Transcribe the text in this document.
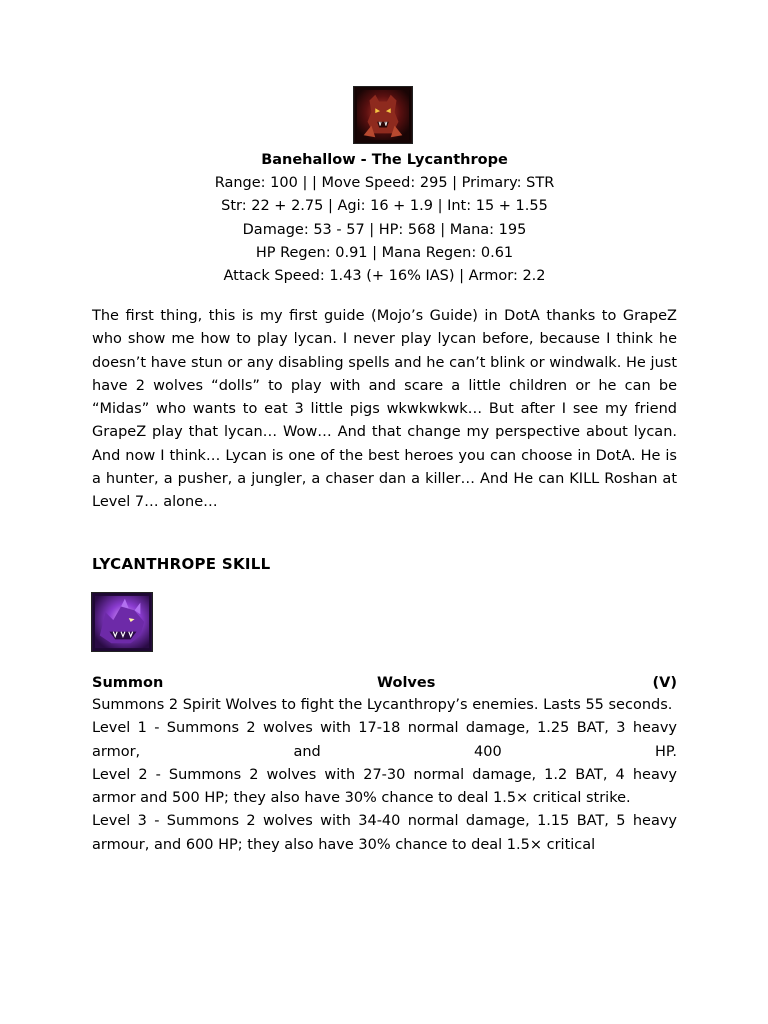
Banehallow - The Lycanthrope
Range: 100 | | Move Speed: 295 | Primary: STR
Str: 22 + 2.75 | Agi: 16 + 1.9 | Int: 15 + 1.55
Damage: 53 - 57 | HP: 568 | Mana: 195
HP Regen: 0.91 | Mana Regen: 0.61
Attack Speed: 1.43 (+ 16% IAS) | Armor: 2.2

The first thing, this is my first guide (Mojo’s Guide) in DotA thanks to GrapeZ who show me how to play lycan. I never play lycan before, because I think he doesn’t have stun or any disabling spells and he can’t blink or windwalk. He just have 2 wolves “dolls” to play with and scare a little children or he can be “Midas” who wants to eat 3 little pigs wkwkwkwk… But after I see my friend GrapeZ play that lycan… Wow… And that change my perspective about lycan. And now I think… Lycan is one of the best heroes you can choose in DotA. He is a hunter, a pusher, a jungler, a chaser dan a killer… And He can KILL Roshan at Level 7… alone…

LYCANTHROPE SKILL
Summon	Wolves	(V)

Summons 2 Spirit Wolves to fight the Lycanthropy’s enemies. Lasts 55 seconds.

Level 1 - Summons 2 wolves with 17-18 normal damage, 1.25 BAT, 3 heavy armor, and 400 HP.

Level 2 - Summons 2 wolves with 27-30 normal damage, 1.2 BAT, 4 heavy armor and 500 HP; they also have 30% chance to deal 1.5× critical strike.

Level 3 - Summons 2 wolves with 34-40 normal damage, 1.15 BAT, 5 heavy armour, and 600 HP; they also have 30% chance to deal 1.5× critical
